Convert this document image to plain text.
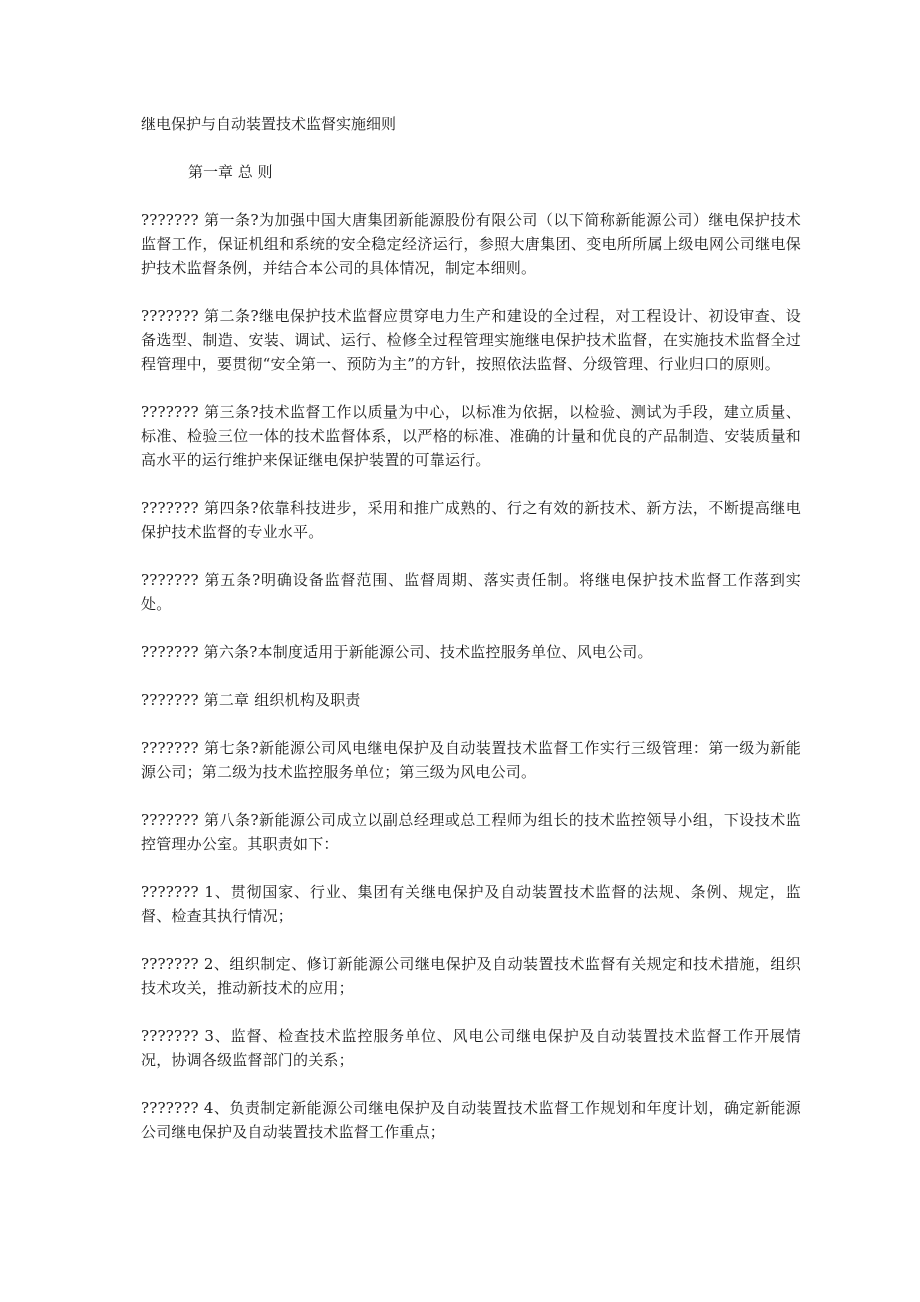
继电保护与自动装置技术监督实施细则

第一章 总 则

??????? 第一条?为加强中国大唐集团新能源股份有限公司（以下简称新能源公司）继电保护技术监督工作，保证机组和系统的安全稳定经济运行，参照大唐集团、变电所所属上级电网公司继电保护技术监督条例，并结合本公司的具体情况，制定本细则。

??????? 第二条?继电保护技术监督应贯穿电力生产和建设的全过程，对工程设计、初设审查、设备选型、制造、安装、调试、运行、检修全过程管理实施继电保护技术监督，在实施技术监督全过程管理中，要贯彻“安全第一、预防为主”的方针，按照依法监督、分级管理、行业归口的原则。

??????? 第三条?技术监督工作以质量为中心，以标准为依据，以检验、测试为手段，建立质量、标准、检验三位一体的技术监督体系，以严格的标准、准确的计量和优良的产品制造、安装质量和高水平的运行维护来保证继电保护装置的可靠运行。

??????? 第四条?依靠科技进步，采用和推广成熟的、行之有效的新技术、新方法，不断提高继电保护技术监督的专业水平。

??????? 第五条?明确设备监督范围、监督周期、落实责任制。将继电保护技术监督工作落到实处。

??????? 第六条?本制度适用于新能源公司、技术监控服务单位、风电公司。

??????? 第二章 组织机构及职责

??????? 第七条?新能源公司风电继电保护及自动装置技术监督工作实行三级管理：第一级为新能源公司；第二级为技术监控服务单位；第三级为风电公司。

??????? 第八条?新能源公司成立以副总经理或总工程师为组长的技术监控领导小组，下设技术监控管理办公室。其职责如下：

??????? 1、贯彻国家、行业、集团有关继电保护及自动装置技术监督的法规、条例、规定，监督、检查其执行情况；

??????? 2、组织制定、修订新能源公司继电保护及自动装置技术监督有关规定和技术措施，组织技术攻关，推动新技术的应用；

??????? 3、监督、检查技术监控服务单位、风电公司继电保护及自动装置技术监督工作开展情况，协调各级监督部门的关系；

??????? 4、负责制定新能源公司继电保护及自动装置技术监督工作规划和年度计划，确定新能源公司继电保护及自动装置技术监督工作重点；
